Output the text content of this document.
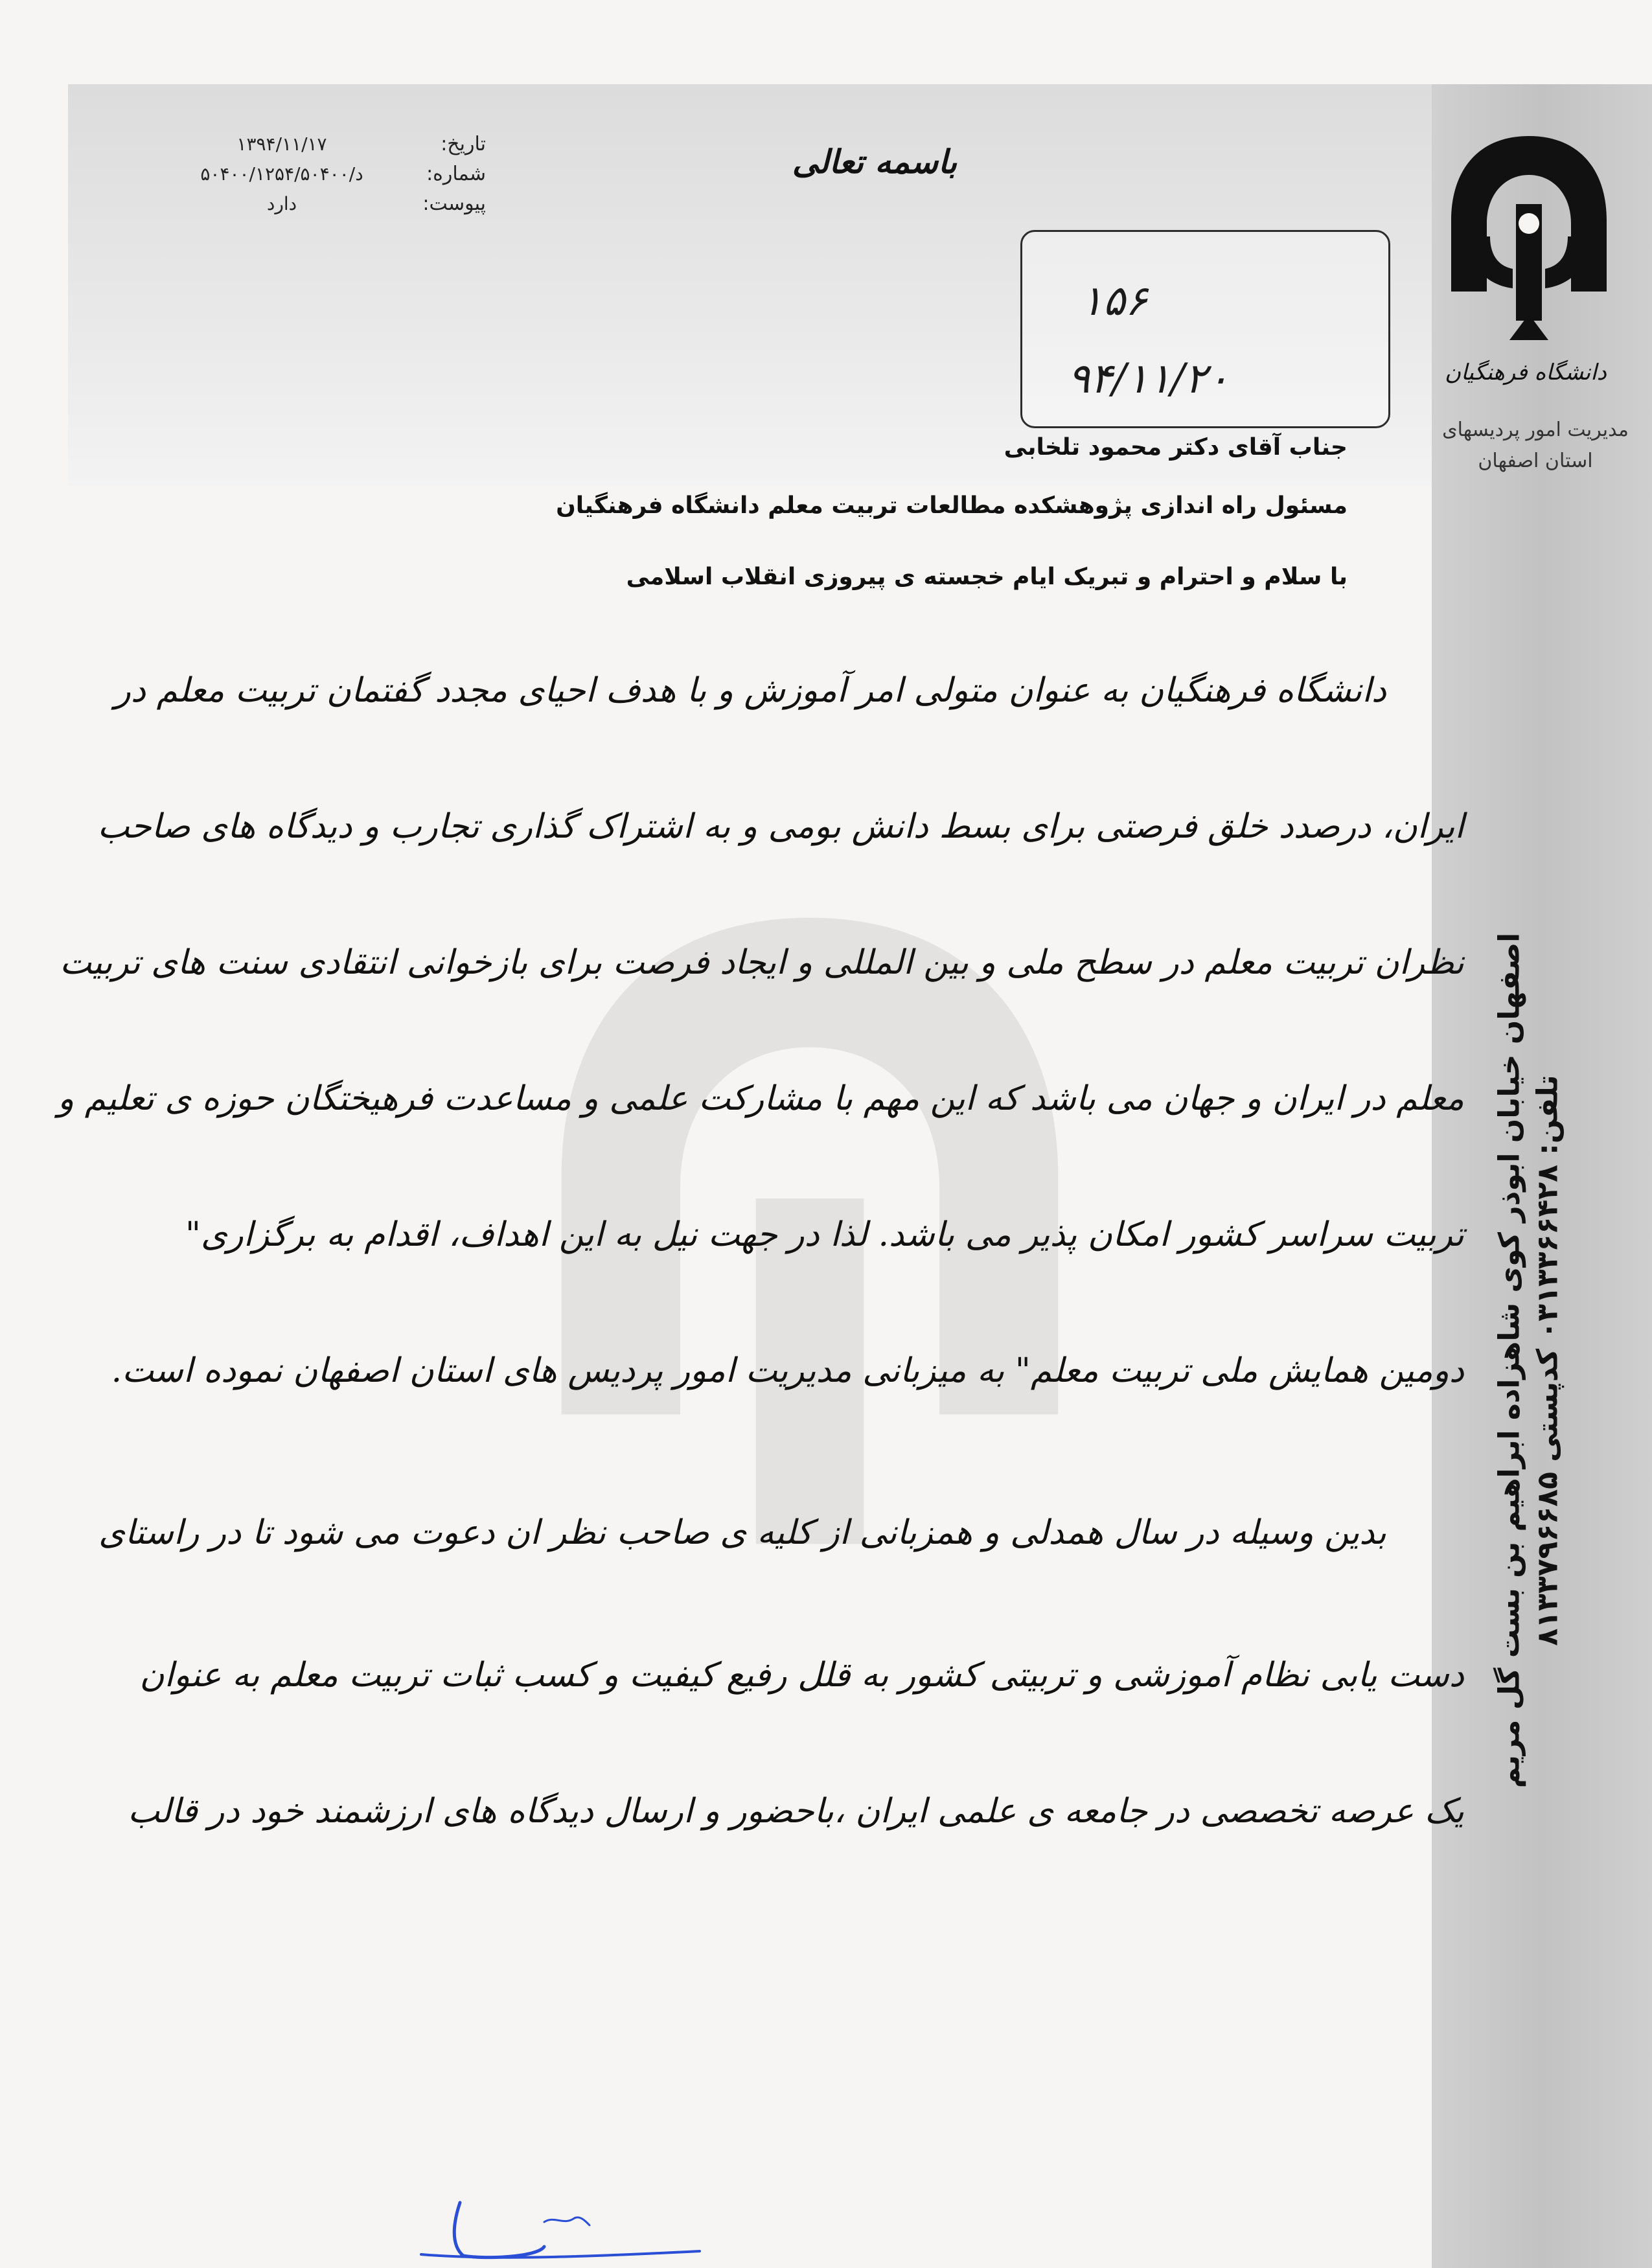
دانشگاه فرهنگیان
مدیریت امور پردیسهای
استان اصفهان
باسمه تعالی
تاریخ:
۱۳۹۴/۱۱/۱۷
شماره:
۵۰۴۰۰/۱۲۵۴/۵۰۴۰۰/د
پیوست:
دارد
۱۵۶
۹۴/۱۱/۲۰
جناب آقای دکتر محمود تلخابی
مسئول راه اندازی پژوهشکده مطالعات تربیت معلم دانشگاه فرهنگیان
با سلام و احترام و تبریک ایام خجسته ی پیروزی انقلاب اسلامی
دانشگاه فرهنگیان به عنوان متولی امر آموزش و با هدف احیای مجدد گفتمان تربیت معلم در
ایران، درصدد خلق فرصتی برای بسط دانش بومی و به اشتراک گذاری تجارب و دیدگاه های صاحب
نظران تربیت معلم در سطح ملی و بین المللی و ایجاد فرصت برای بازخوانی انتقادی سنت های تربیت
معلم در ایران و جهان می باشد که این مهم با مشارکت علمی و مساعدت فرهیختگان حوزه ی تعلیم و
تربیت سراسر کشور امکان پذیر می باشد. لذا در جهت نیل به این اهداف، اقدام به برگزاری"
دومین همایش ملی تربیت معلم" به میزبانی مدیریت امور پردیس های استان اصفهان نموده است.
بدین وسیله در سال همدلی و همزبانی از کلیه ی صاحب نظر ان دعوت می شود تا در راستای
دست یابی نظام آموزشی و تربیتی کشور به قلل رفیع کیفیت و کسب ثبات تربیت معلم به عنوان
یک عرصه تخصصی در جامعه ی علمی ایران ،باحضور و ارسال دیدگاه های ارزشمند خود در قالب
اصفهان خیابان ابوذر کوی شاهزاده ابراهیم بن بست گل مریم تلفن: ۰۳۱۳۳۶۶۴۲۸ کدپستی ۸۱۳۳۷۹۶۶۸۵
